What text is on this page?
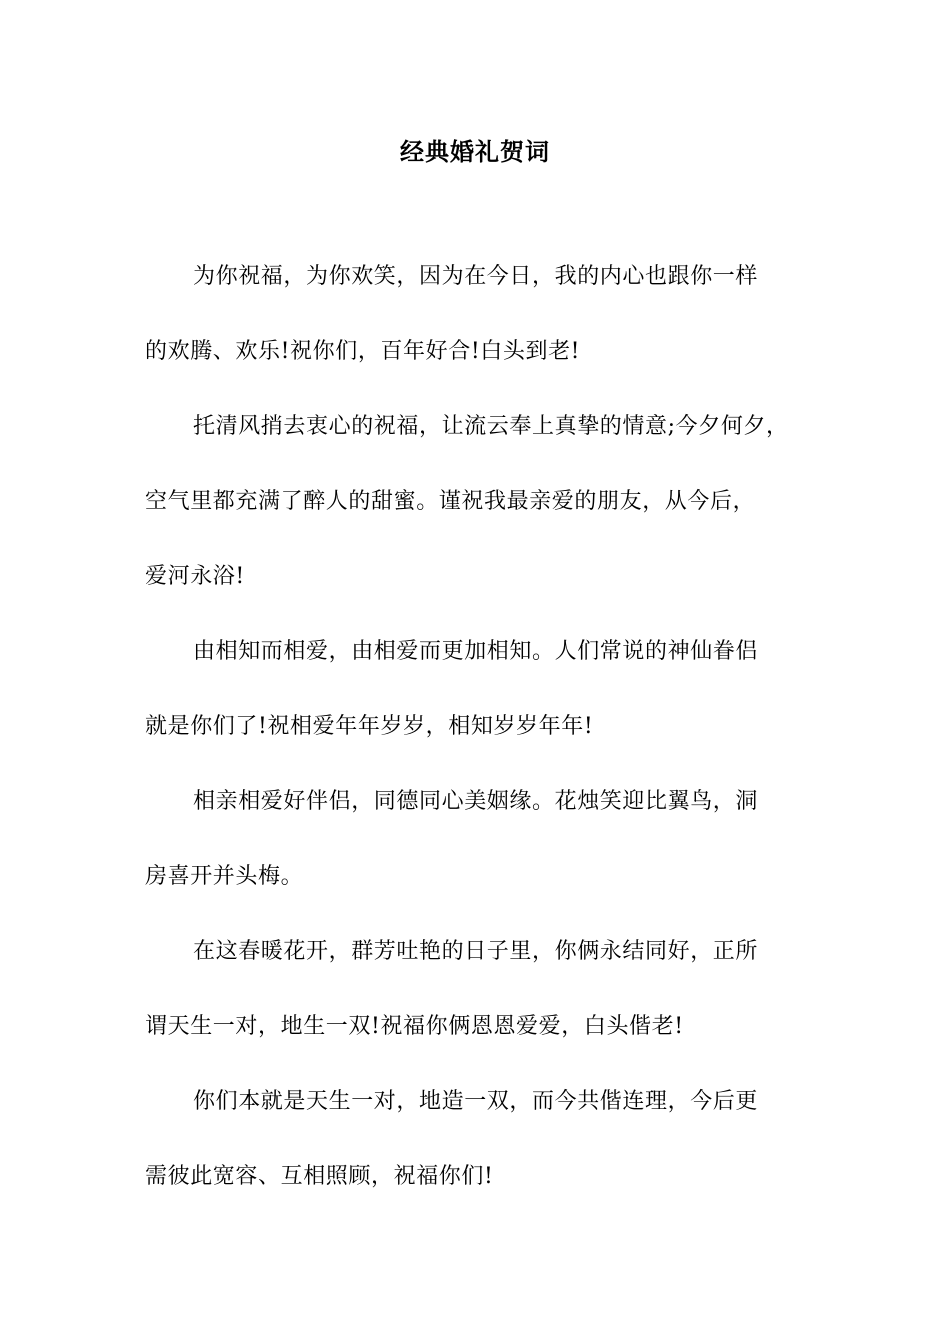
经典婚礼贺词
为你祝福，为你欢笑，因为在今日，我的内心也跟你一样
的欢腾、欢乐!祝你们，百年好合!白头到老!
托清风捎去衷心的祝福，让流云奉上真挚的情意;今夕何夕，
空气里都充满了醉人的甜蜜。谨祝我最亲爱的朋友，从今后，
爱河永浴!
由相知而相爱，由相爱而更加相知。人们常说的神仙眷侣
就是你们了!祝相爱年年岁岁，相知岁岁年年!
相亲相爱好伴侣，同德同心美姻缘。花烛笑迎比翼鸟，洞
房喜开并头梅。
在这春暖花开，群芳吐艳的日子里，你俩永结同好，正所
谓天生一对，地生一双!祝福你俩恩恩爱爱，白头偕老!
你们本就是天生一对，地造一双，而今共偕连理，今后更
需彼此宽容、互相照顾，祝福你们!
